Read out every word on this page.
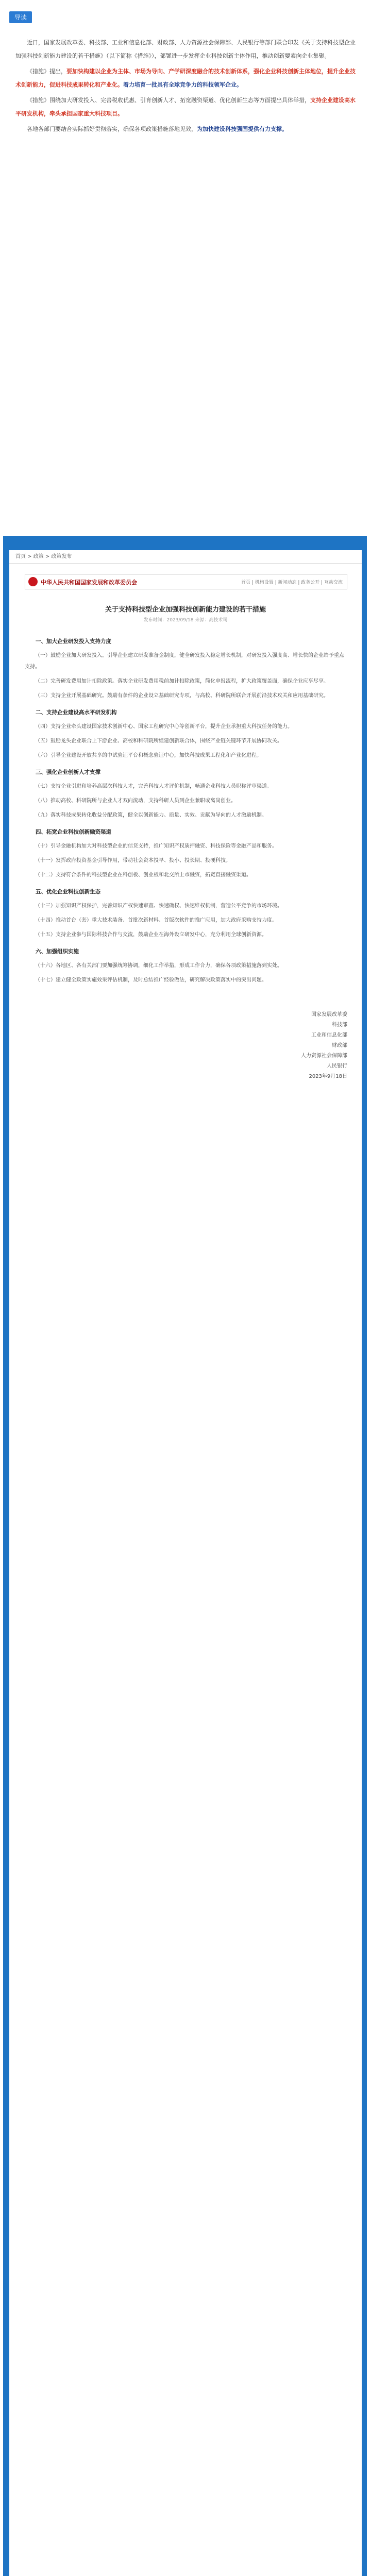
导读

近日，国家发展改革委、科技部、工业和信息化部、财政部、人力资源社会保障部、人民银行等部门联合印发《关于支持科技型企业加强科技创新能力建设的若干措施》（以下简称《措施》），部署进一步发挥企业科技创新主体作用，推动创新要素向企业集聚。

《措施》提出，要加快构建以企业为主体、市场为导向、产学研深度融合的技术创新体系，强化企业科技创新主体地位，提升企业技术创新能力，促进科技成果转化和产业化。着力培育一批具有全球竞争力的科技领军企业。

《措施》围绕加大研发投入、完善税收优惠、引育创新人才、拓宽融资渠道、优化创新生态等方面提出具体举措，支持企业建设高水平研发机构，牵头承担国家重大科技项目。

各地各部门要结合实际抓好贯彻落实，确保各项政策措施落地见效，为加快建设科技强国提供有力支撑。

首页 > 政策 > 政策发布
中华人民共和国国家发展和改革委员会	首页 | 机构设置 | 新闻动态 | 政务公开 | 互动交流
关于支持科技型企业加强科技创新能力建设的若干措施
发布时间：2023/09/18 来源：高技术司
一、加大企业研发投入支持力度

（一）鼓励企业加大研发投入。引导企业建立研发准备金制度，健全研发投入稳定增长机制，对研发投入强度高、增长快的企业给予重点支持。

（二）完善研发费用加计扣除政策。落实企业研发费用税前加计扣除政策，简化申报流程，扩大政策覆盖面，确保企业应享尽享。

（三）支持企业开展基础研究。鼓励有条件的企业设立基础研究专项，与高校、科研院所联合开展前沿技术攻关和应用基础研究。

二、支持企业建设高水平研发机构

（四）支持企业牵头建设国家技术创新中心、国家工程研究中心等创新平台，提升企业承担重大科技任务的能力。

（五）鼓励龙头企业联合上下游企业、高校和科研院所组建创新联合体，围绕产业链关键环节开展协同攻关。

（六）引导企业建设开放共享的中试验证平台和概念验证中心，加快科技成果工程化和产业化进程。

三、强化企业创新人才支撑

（七）支持企业引进和培养高层次科技人才，完善科技人才评价机制，畅通企业科技人员职称评审渠道。

（八）推动高校、科研院所与企业人才双向流动，支持科研人员到企业兼职或离岗创业。

（九）落实科技成果转化收益分配政策，健全以创新能力、质量、实效、贡献为导向的人才激励机制。

四、拓宽企业科技创新融资渠道

（十）引导金融机构加大对科技型企业的信贷支持，推广知识产权质押融资、科技保险等金融产品和服务。

（十一）发挥政府投资基金引导作用，带动社会资本投早、投小、投长期、投硬科技。

（十二）支持符合条件的科技型企业在科创板、创业板和北交所上市融资，拓宽直接融资渠道。

五、优化企业科技创新生态

（十三）加强知识产权保护，完善知识产权快速审查、快速确权、快速维权机制，营造公平竞争的市场环境。

（十四）推动首台（套）重大技术装备、首批次新材料、首版次软件的推广应用，加大政府采购支持力度。

（十五）支持企业参与国际科技合作与交流，鼓励企业在海外设立研发中心，充分利用全球创新资源。

六、加强组织实施

（十六）各地区、各有关部门要加强统筹协调，细化工作举措，形成工作合力，确保各项政策措施落到实处。

（十七）建立健全政策实施效果评估机制，及时总结推广经验做法，研究解决政策落实中的突出问题。

国家发展改革委
科技部
工业和信息化部
财政部
人力资源社会保障部
人民银行
2023年9月18日
